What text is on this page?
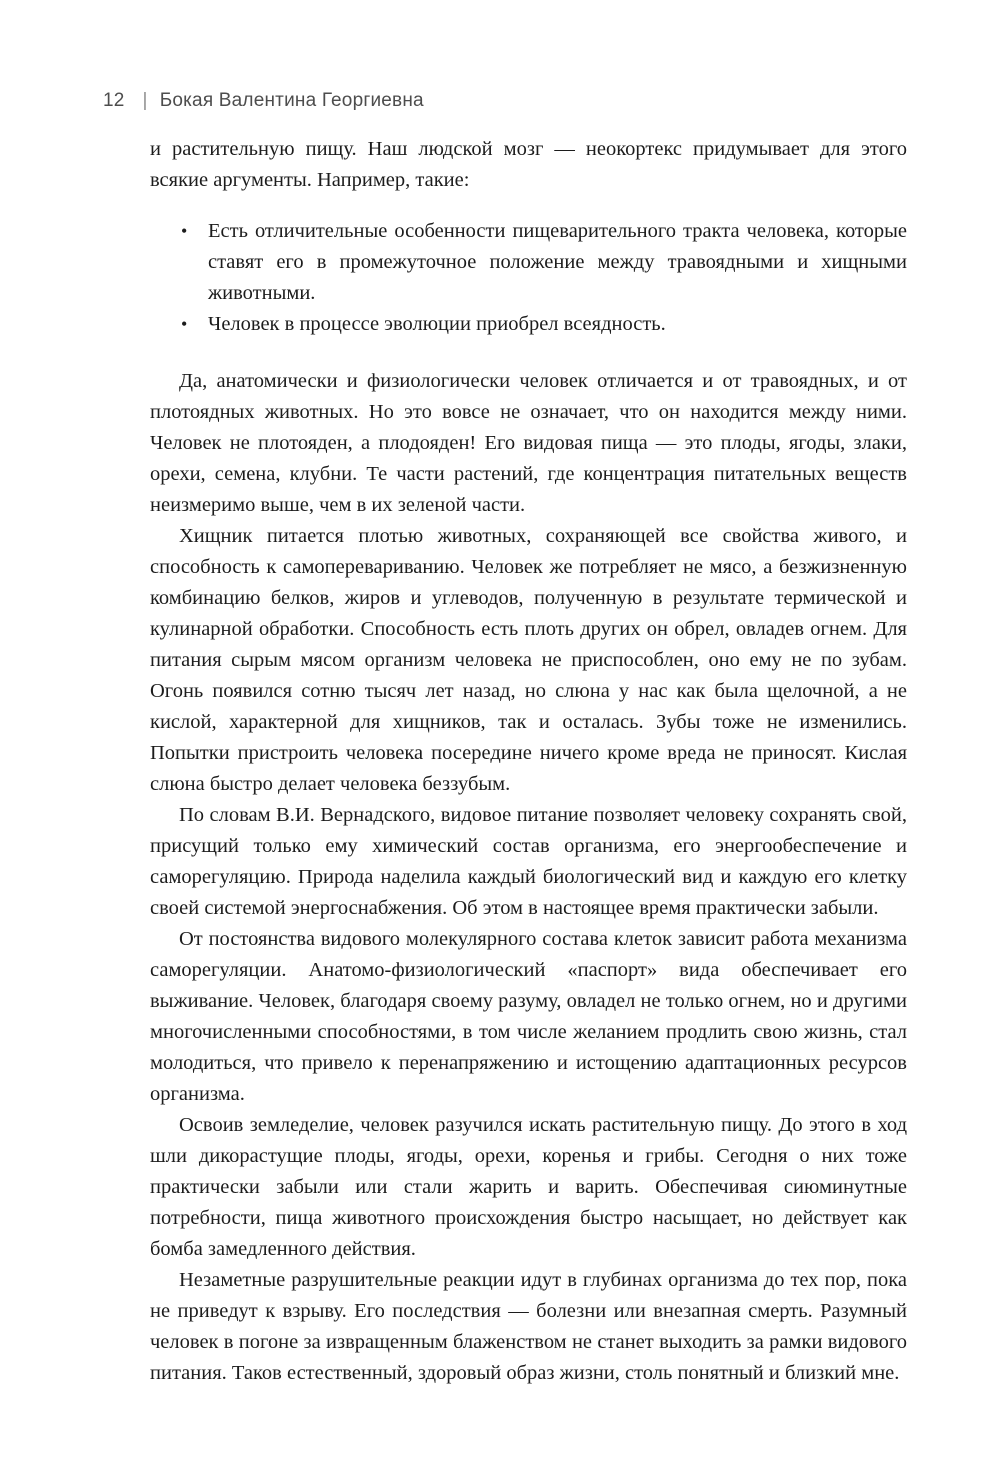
12 | Бокая Валентина Георгиевна

и растительную пищу. Наш людской мозг — неокортекс придумывает для этого всякие аргументы. Например, такие:

•	Есть отличительные особенности пищеварительного тракта человека, которые ставят его в промежуточное положение между травоядными и хищными животными.
•	Человек в процессе эволюции приобрел всеядность.

Да, анатомически и физиологически человек отличается и от травоядных, и от плотоядных животных. Но это вовсе не означает, что он находится между ними. Человек не плотояден, а плодояден! Его видовая пища — это плоды, ягоды, злаки, орехи, семена, клубни. Те части растений, где концентрация питательных веществ неизмеримо выше, чем в их зеленой части.

Хищник питается плотью животных, сохраняющей все свойства живого, и способность к самоперевариванию. Человек же потребляет не мясо, а безжизненную комбинацию белков, жиров и углеводов, полученную в результате термической и кулинарной обработки. Способность есть плоть других он обрел, овладев огнем. Для питания сырым мясом организм человека не приспособлен, оно ему не по зубам. Огонь появился сотню тысяч лет назад, но слюна у нас как была щелочной, а не кислой, характерной для хищников, так и осталась. Зубы тоже не изменились. Попытки пристроить человека посередине ничего кроме вреда не приносят. Кислая слюна быстро делает человека беззубым.

По словам В.И. Вернадского, видовое питание позволяет человеку сохранять свой, присущий только ему химический состав организма, его энергообеспечение и саморегуляцию. Природа наделила каждый биологический вид и каждую его клетку своей системой энергоснабжения. Об этом в настоящее время практически забыли.

От постоянства видового молекулярного состава клеток зависит работа механизма саморегуляции. Анатомо-физиологический «паспорт» вида обеспечивает его выживание. Человек, благодаря своему разуму, овладел не только огнем, но и другими многочисленными способностями, в том числе желанием продлить свою жизнь, стал молодиться, что привело к перенапряжению и истощению адаптационных ресурсов организма.

Освоив земледелие, человек разучился искать растительную пищу. До этого в ход шли дикорастущие плоды, ягоды, орехи, коренья и грибы. Сегодня о них тоже практически забыли или стали жарить и варить. Обеспечивая сиюминутные потребности, пища животного происхождения быстро насыщает, но действует как бомба замедленного действия.

Незаметные разрушительные реакции идут в глубинах организма до тех пор, пока не приведут к взрыву. Его последствия — болезни или внезапная смерть. Разумный человек в погоне за извращенным блаженством не станет выходить за рамки видового питания. Таков естественный, здоровый образ жизни, столь понятный и близкий мне.
